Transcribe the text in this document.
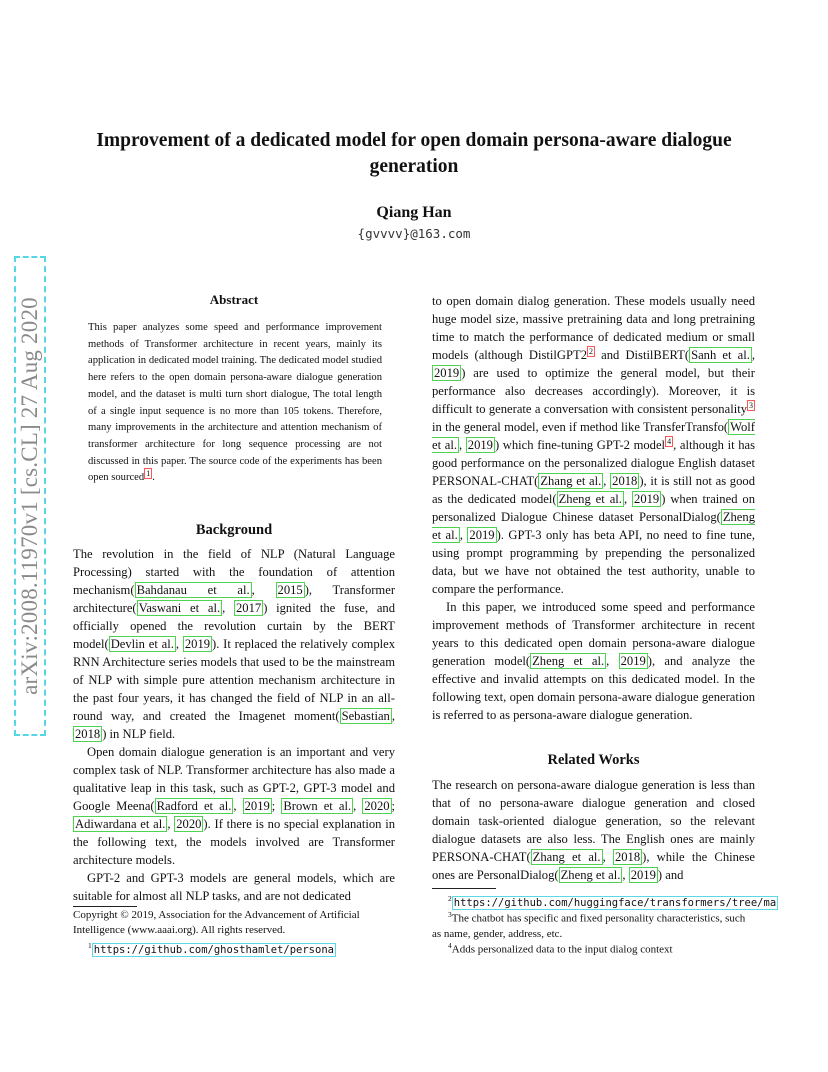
arXiv:2008.11970v1 [cs.CL] 27 Aug 2020
Improvement of a dedicated model for open domain persona-aware dialogue generation
Qiang Han
{gvvvv}@163.com
Abstract
This paper analyzes some speed and performance improvement methods of Transformer architecture in recent years, mainly its application in dedicated model training. The dedicated model studied here refers to the open domain persona-aware dialogue generation model, and the dataset is multi turn short dialogue, The total length of a single input sequence is no more than 105 tokens. Therefore, many improvements in the architecture and attention mechanism of transformer architecture for long sequence processing are not discussed in this paper. The source code of the experiments has been open sourced $^1$ .
Background

The revolution in the field of NLP (Natural Language Processing) started with the foundation of attention mechanism( Bahdanau et al. , 2015 ), Transformer architecture( Vaswani et al. , 2017 ) ignited the fuse, and officially opened the revolution curtain by the BERT model( Devlin et al. , 2019 ). It replaced the relatively complex RNN Architecture series models that used to be the mainstream of NLP with simple pure attention mechanism architecture in the past four years, it has changed the field of NLP in an all-round way, and created the Imagenet moment( Sebastian , 2018 ) in NLP field.

Open domain dialogue generation is an important and very complex task of NLP. Transformer architecture has also made a qualitative leap in this task, such as GPT-2, GPT-3 model and Google Meena( Radford et al. , 2019 ; Brown et al. , 2020 ; Adiwardana et al. , 2020 ). If there is no special explanation in the following text, the models involved are Transformer architecture models.

GPT-2 and GPT-3 models are general models, which are suitable for almost all NLP tasks, and are not dedicated

to open domain dialog generation. These models usually need huge model size, massive pretraining data and long pretraining time to match the performance of dedicated medium or small models (although DistilGPT2 $^2$ and DistilBERT( Sanh et al. , 2019 ) are used to optimize the general model, but their performance also decreases accordingly). Moreover, it is difficult to generate a conversation with consistent personality $^3$ in the general model, even if method like TransferTransfo( Wolf et al. , 2019 ) which fine-tuning GPT-2 model $^4$ , although it has good performance on the personalized dialogue English dataset PERSONAL-CHAT( Zhang et al. , 2018 ), it is still not as good as the dedicated model( Zheng et al. , 2019 ) when trained on personalized Dialogue Chinese dataset PersonalDialog( Zheng et al. , 2019 ). GPT-3 only has beta API, no need to fine tune, using prompt programming by prepending the personalized data, but we have not obtained the test authority, unable to compare the performance.

In this paper, we introduced some speed and performance improvement methods of Transformer architecture in recent years to this dedicated open domain persona-aware dialogue generation model( Zheng et al. , 2019 ), and analyze the effective and invalid attempts on this dedicated model. In the following text, open domain persona-aware dialogue generation is referred to as persona-aware dialogue generation.

Related Works

The research on persona-aware dialogue generation is less than that of no persona-aware dialogue generation and closed domain task-oriented dialogue generation, so the relevant dialogue datasets are also less. The English ones are mainly PERSONA-CHAT( Zhang et al. , 2018 ), while the Chinese ones are PersonalDialog( Zheng et al. , 2019 ) and

Copyright © 2019, Association for the Advancement of Artificial Intelligence (www.aaai.org). All rights reserved.
$^1$ https://github.com/ghosthamlet/persona
$^2$ https://github.com/huggingface/transformers/tree/ma
$^3$The chatbot has specific and fixed personality characteristics, such as name, gender, address, etc.
$^4$Adds personalized data to the input dialog context
